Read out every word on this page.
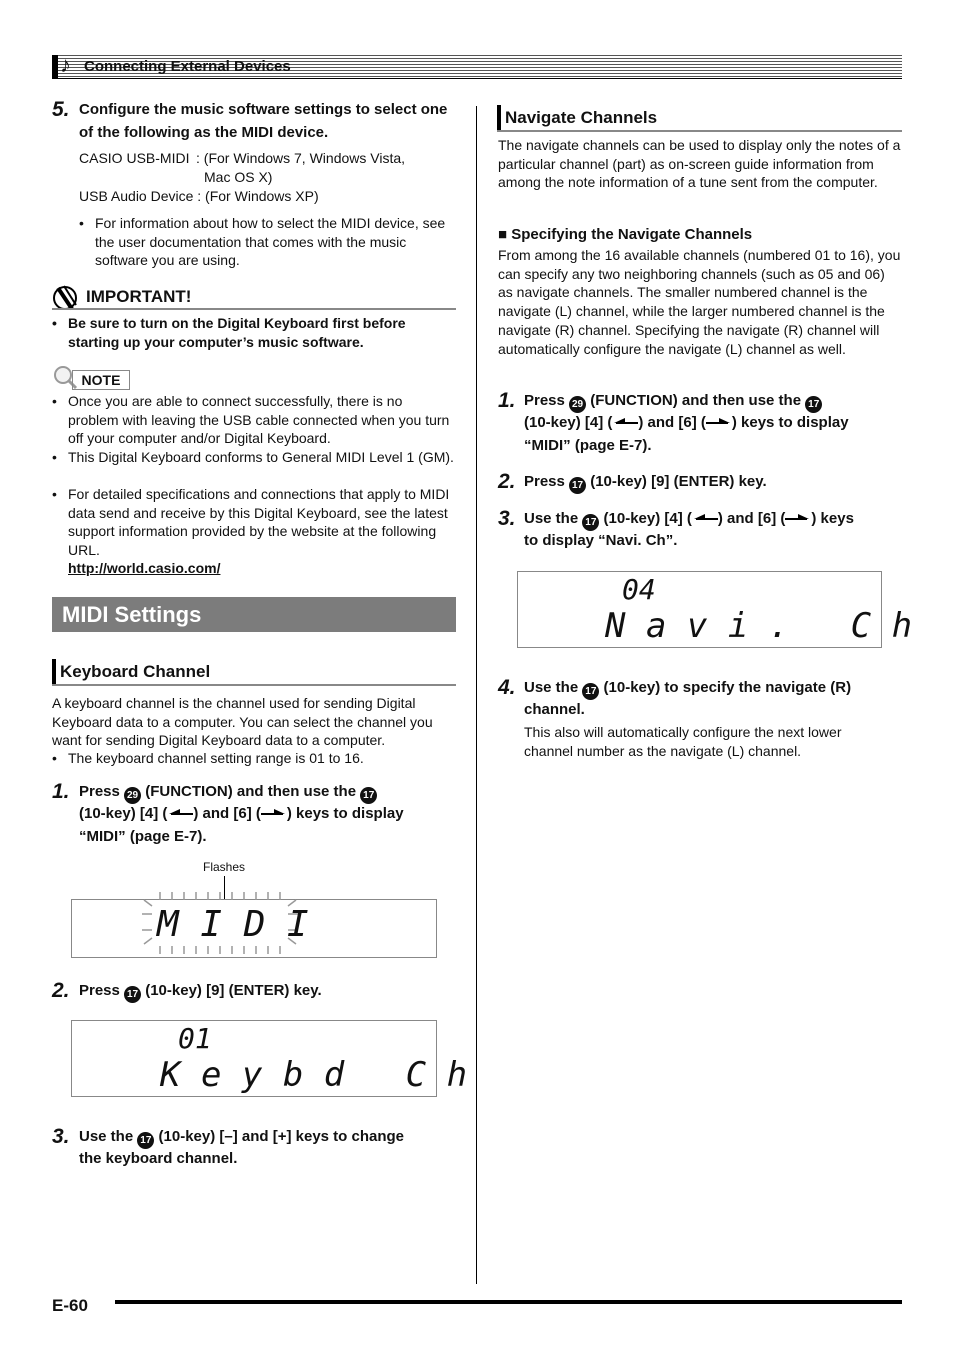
♪ Connecting External Devices
5. Configure the music software settings to select one of the following as the MIDI device.
CASIO USB-MIDI : (For Windows 7, Windows Vista,
Mac OS X)
USB Audio Device : (For Windows XP)
• For information about how to select the MIDI device, see the user documentation that comes with the music software you are using.
IMPORTANT!
• Be sure to turn on the Digital Keyboard first before starting up your computer’s music software.
NOTE
• Once you are able to connect successfully, there is no problem with leaving the USB cable connected when you turn off your computer and/or Digital Keyboard.
• This Digital Keyboard conforms to General MIDI Level 1 (GM).
• For detailed specifications and connections that apply to MIDI data send and receive by this Digital Keyboard, see the latest support information provided by the website at the following URL.
http://world.casio.com/
MIDI Settings
Keyboard Channel
A keyboard channel is the channel used for sending Digital Keyboard data to a computer. You can select the channel you want for sending Digital Keyboard data to a computer.
• The keyboard channel setting range is 01 to 16.
1. Press 29 (FUNCTION) and then use the 17
(10-key) [4] ( ) and [6] ( ) keys to display
“MIDI” (page E-7).
Flashes
M I D I
2. Press 17 (10-key) [9] (ENTER) key.
01
K e y b d   C h
3. Use the 17 (10-key) [–] and [+] keys to change
the keyboard channel.
Navigate Channels
The navigate channels can be used to display only the notes of a particular channel (part) as on-screen guide information from among the note information of a tune sent from the computer.
■ Specifying the Navigate Channels
From among the 16 available channels (numbered 01 to 16), you can specify any two neighboring channels (such as 05 and 06) as navigate channels. The smaller numbered channel is the navigate (L) channel, while the larger numbered channel is the navigate (R) channel. Specifying the navigate (R) channel will automatically configure the navigate (L) channel as well.
1. Press 29 (FUNCTION) and then use the 17
(10-key) [4] ( ) and [6] ( ) keys to display
“MIDI” (page E-7).
2. Press 17 (10-key) [9] (ENTER) key.
3. Use the 17 (10-key) [4] ( ) and [6] ( ) keys
to display “Navi. Ch”.
04
N a v i .   C h
4. Use the 17 (10-key) to specify the navigate (R)
channel.
This also will automatically configure the next lower channel number as the navigate (L) channel.
E-60
